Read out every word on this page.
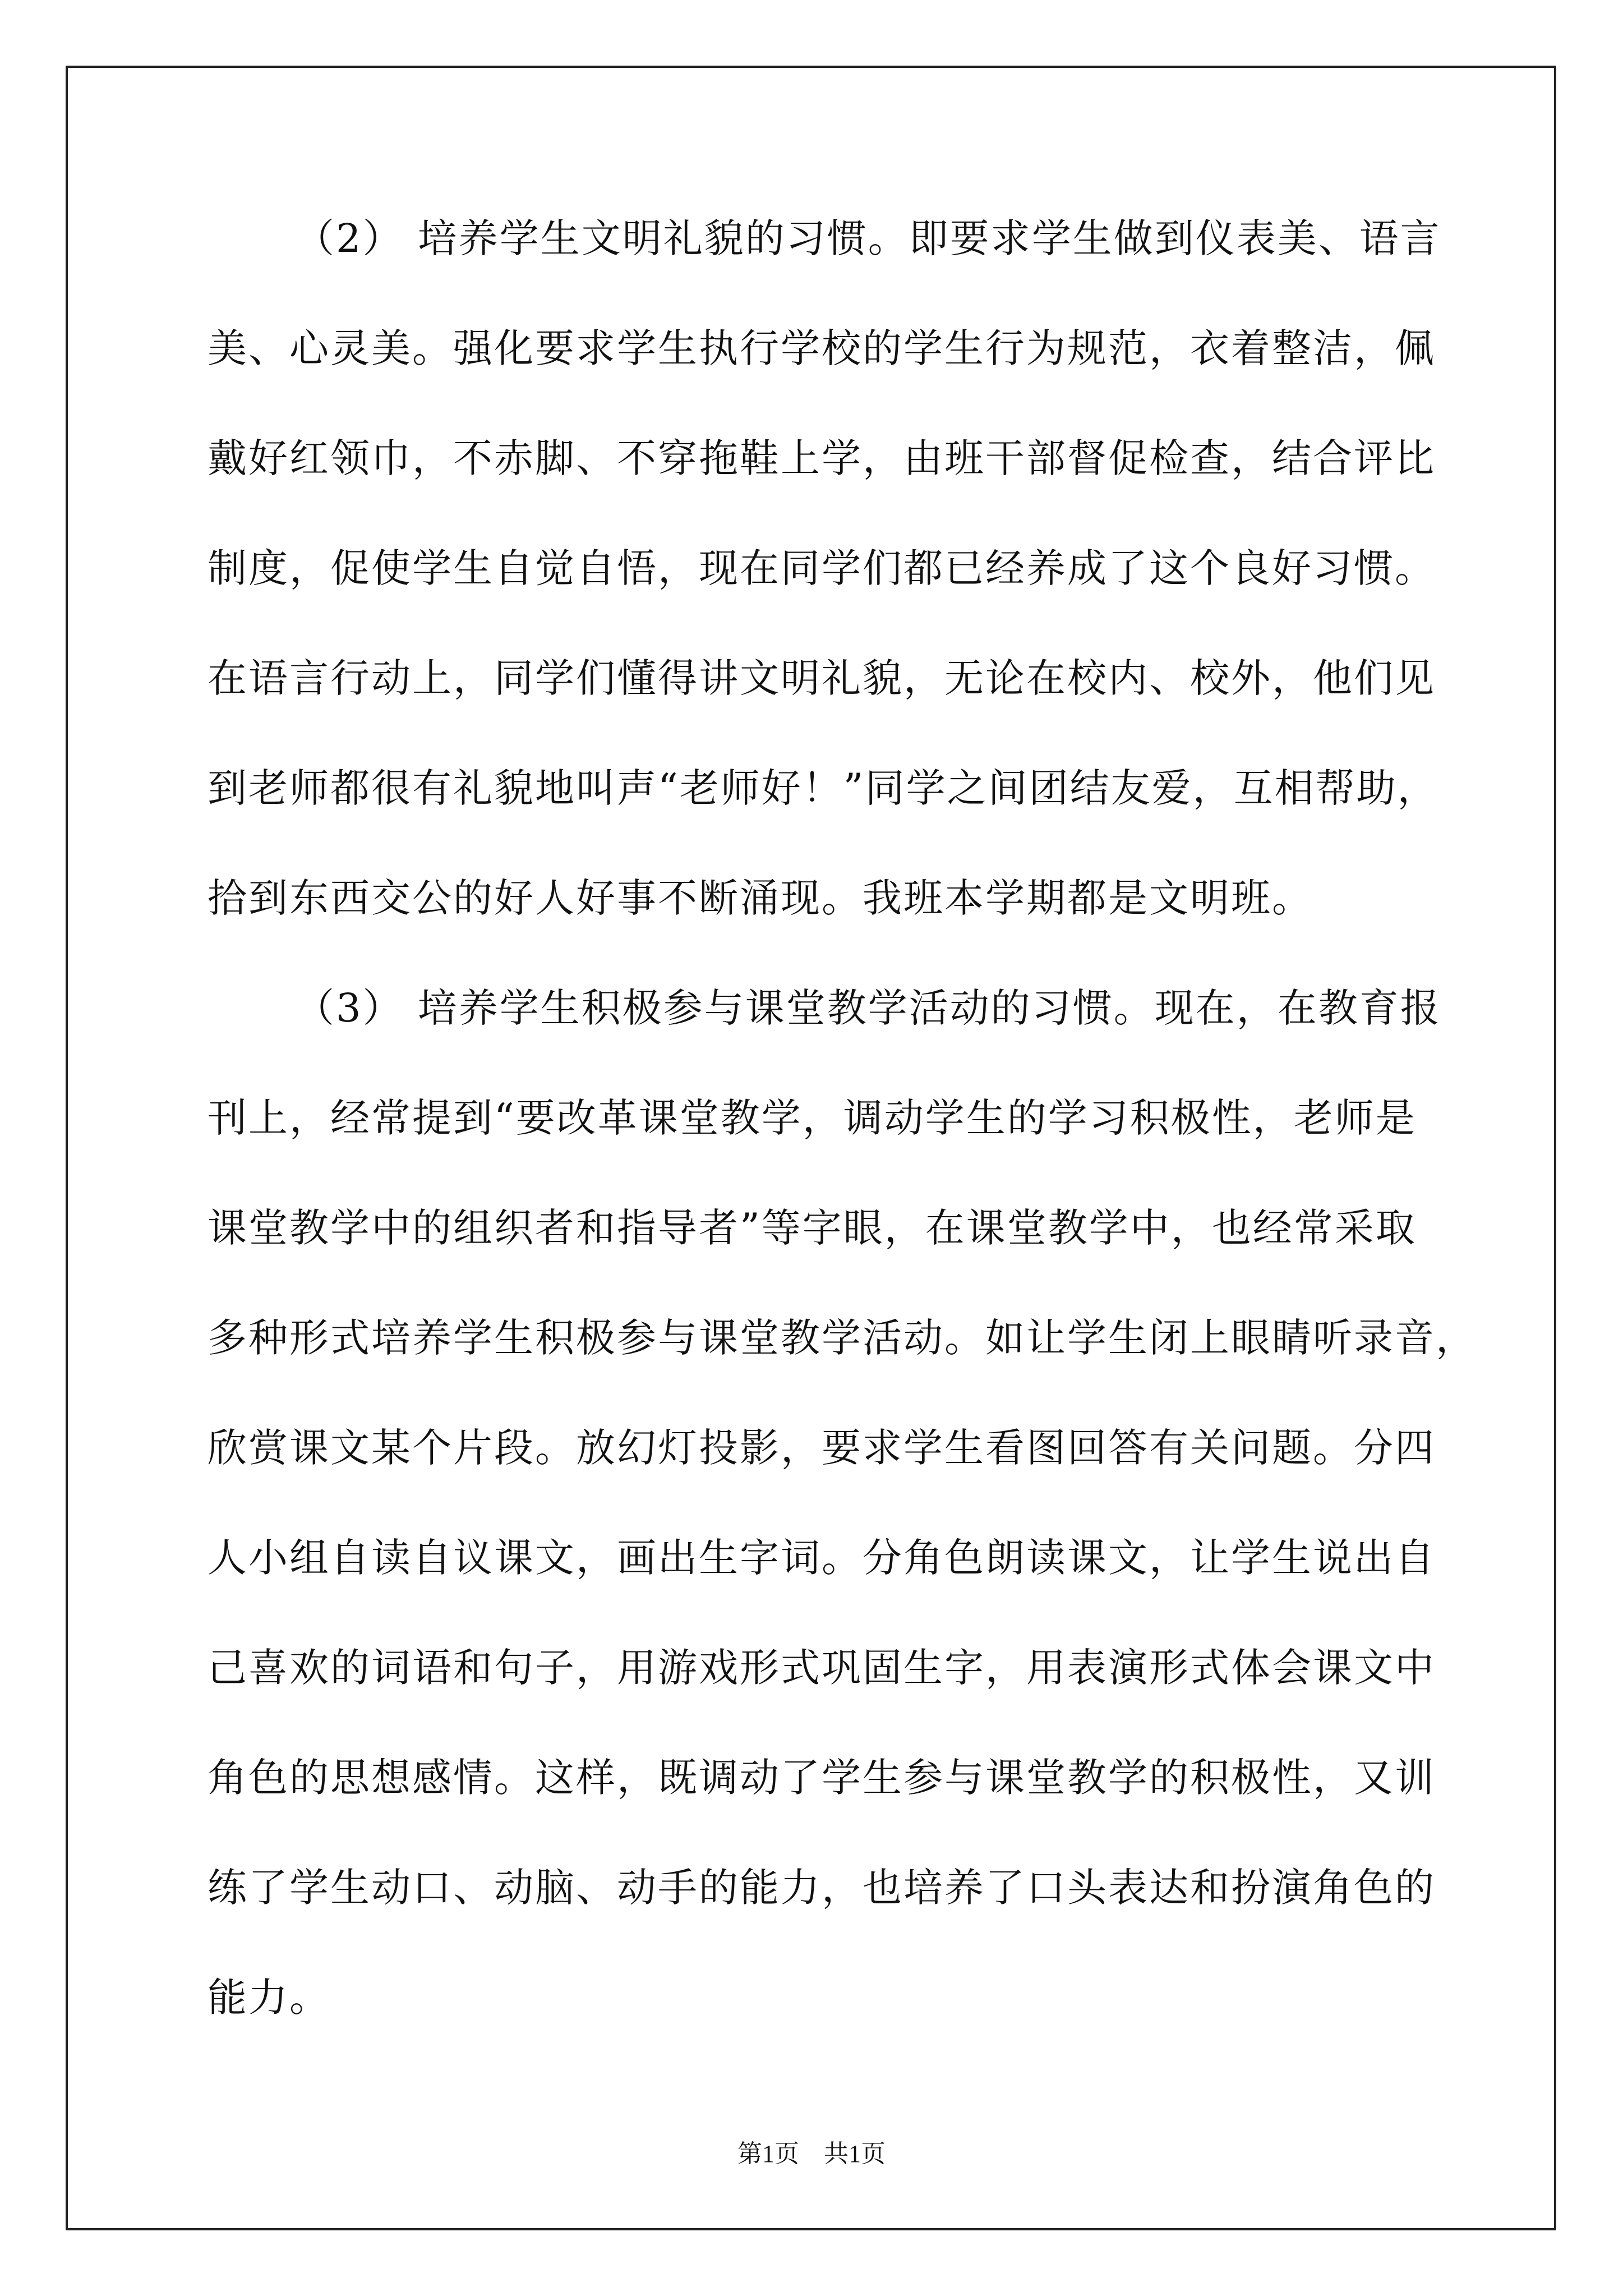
（2） 培养学生文明礼貌的习惯。即要求学生做到仪表美、语言
美、心灵美。强化要求学生执行学校的学生行为规范，衣着整洁，佩
戴好红领巾，不赤脚、不穿拖鞋上学，由班干部督促检查，结合评比
制度，促使学生自觉自悟，现在同学们都已经养成了这个良好习惯。
在语言行动上，同学们懂得讲文明礼貌，无论在校内、校外，他们见
到老师都很有礼貌地叫声“老师好！”同学之间团结友爱，互相帮助，
拾到东西交公的好人好事不断涌现。我班本学期都是文明班。
（3） 培养学生积极参与课堂教学活动的习惯。现在，在教育报
刊上，经常提到“要改革课堂教学，调动学生的学习积极性，老师是
课堂教学中的组织者和指导者”等字眼，在课堂教学中，也经常采取
多种形式培养学生积极参与课堂教学活动。如让学生闭上眼睛听录音，
欣赏课文某个片段。放幻灯投影，要求学生看图回答有关问题。分四
人小组自读自议课文，画出生字词。分角色朗读课文，让学生说出自
己喜欢的词语和句子，用游戏形式巩固生字，用表演形式体会课文中
角色的思想感情。这样，既调动了学生参与课堂教学的积极性，又训
练了学生动口、动脑、动手的能力，也培养了口头表达和扮演角色的
能力。
第1页　共1页
